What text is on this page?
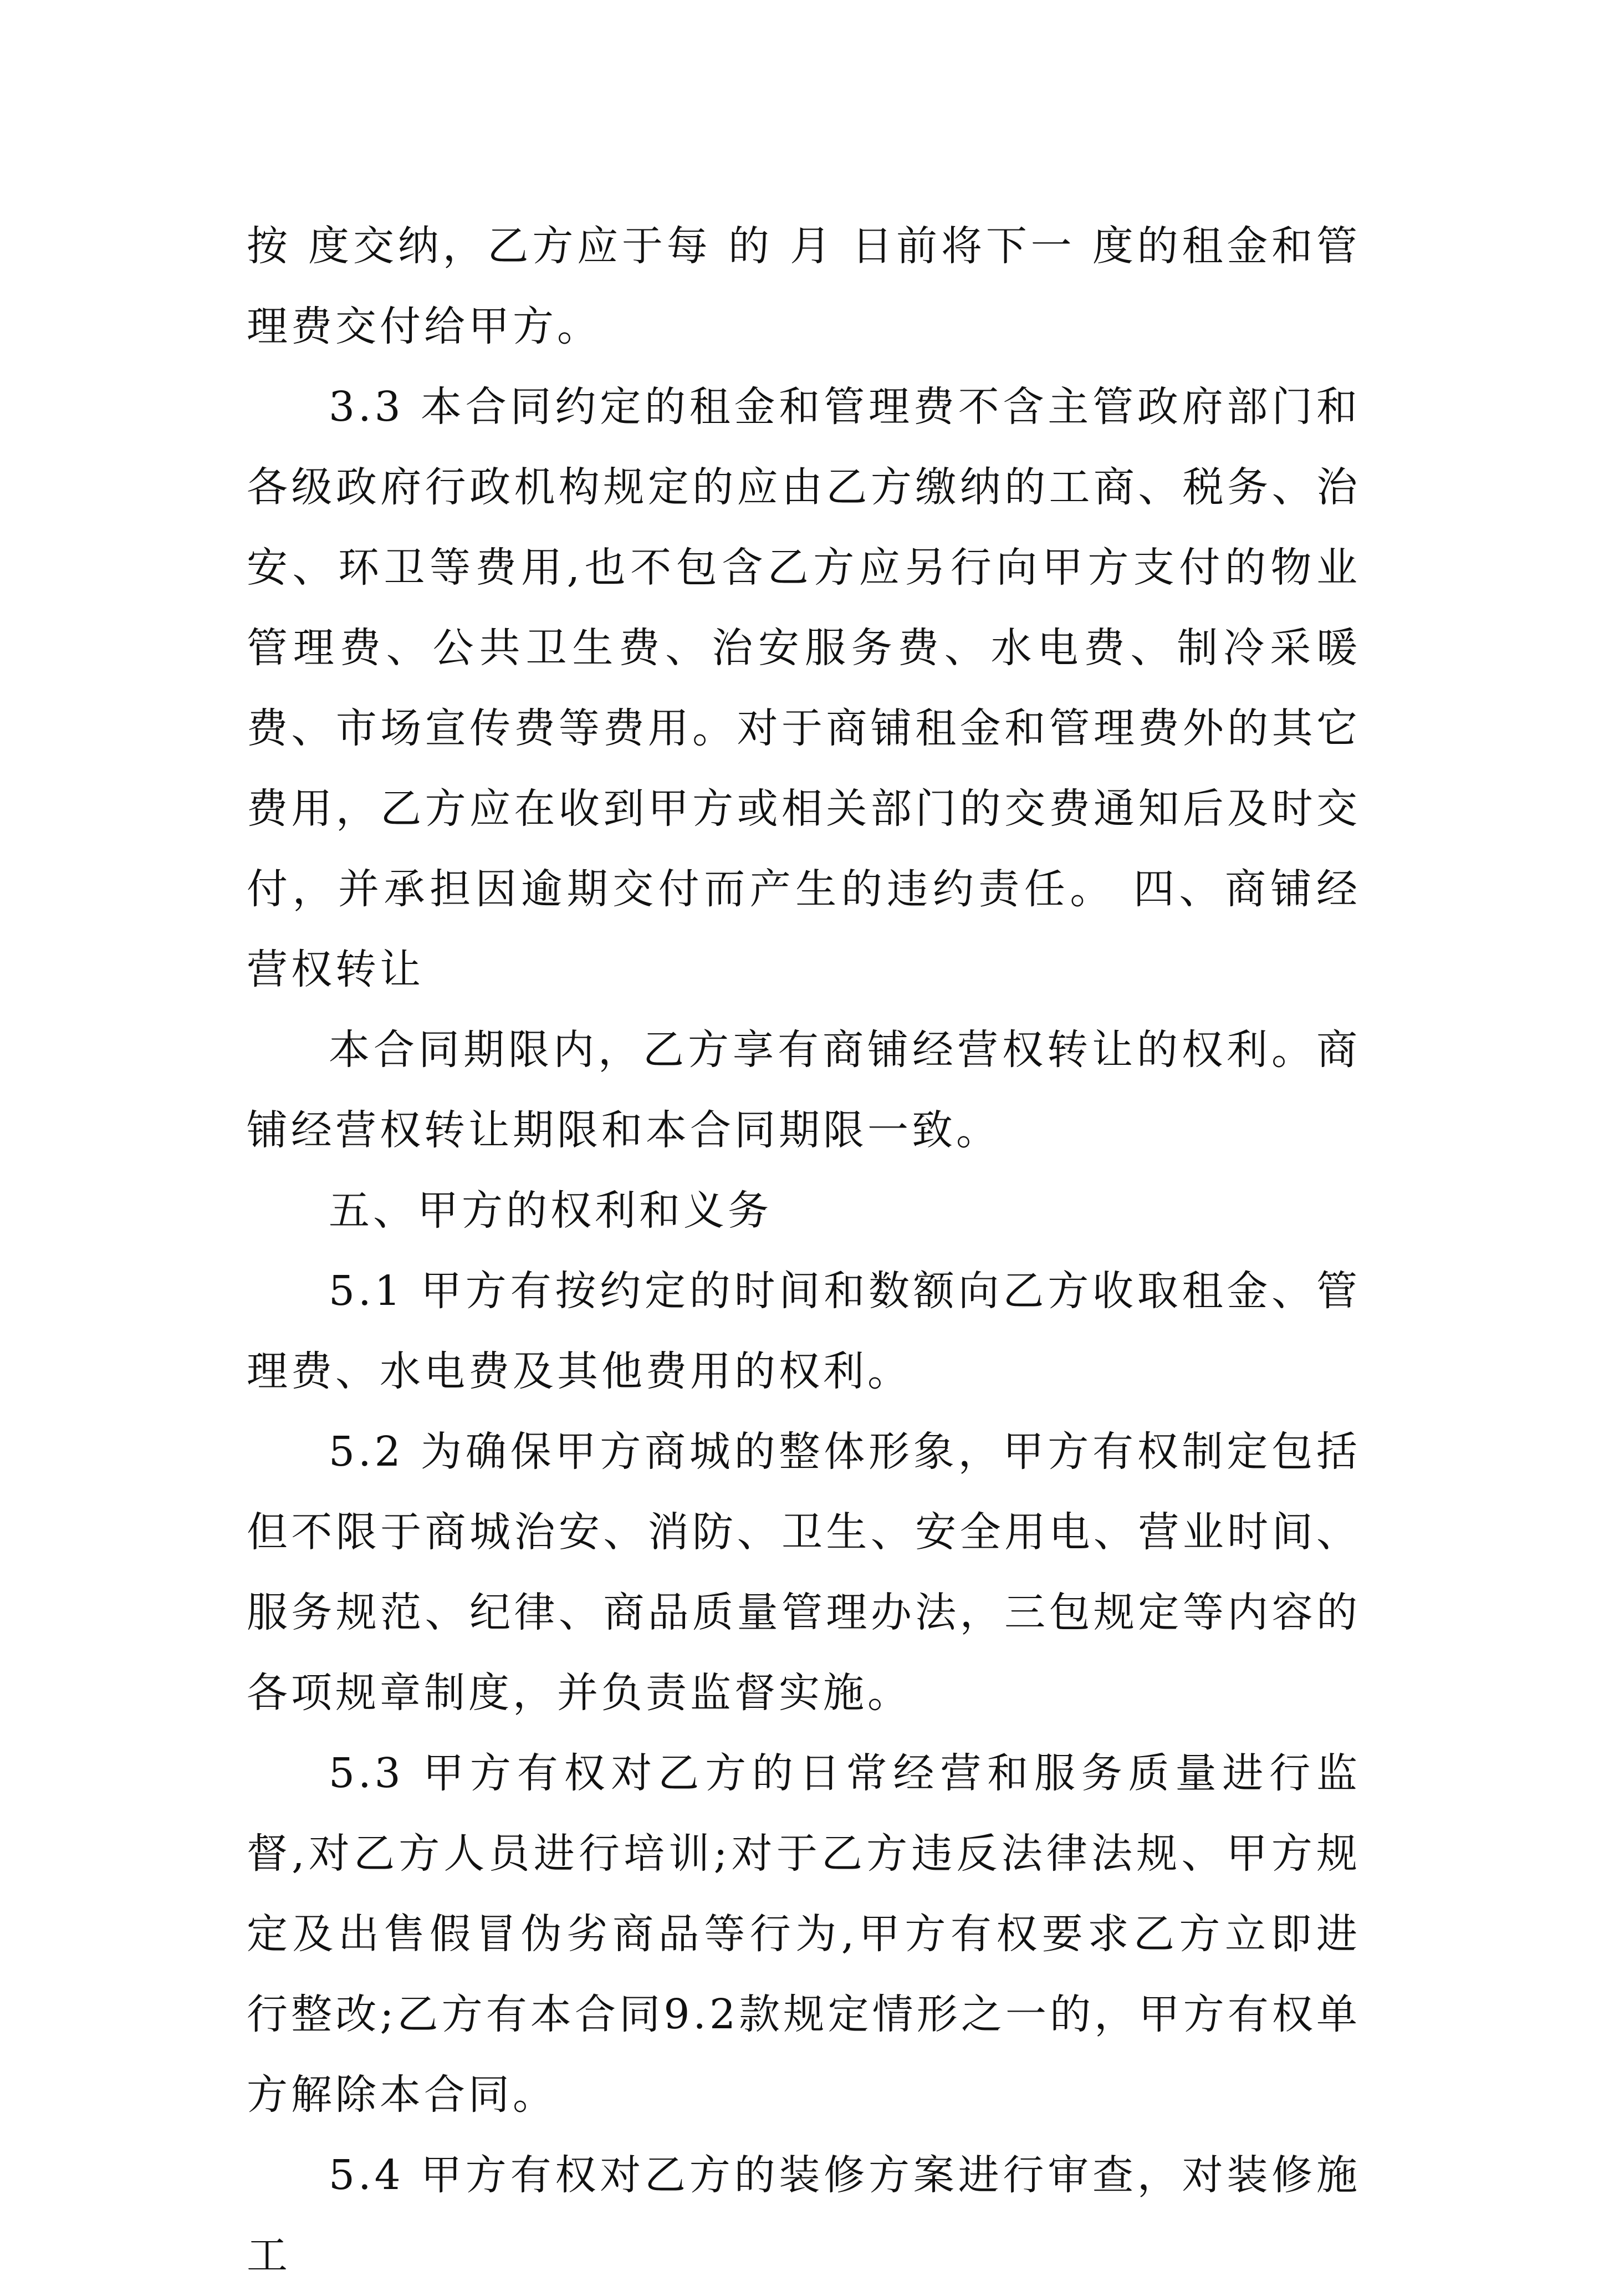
按 度交纳，乙方应于每 的 月 日前将下一 度的租金和管理费交付给甲方。

3.3 本合同约定的租金和管理费不含主管政府部门和各级政府行政机构规定的应由乙方缴纳的工商、税务、治安、环卫等费用,也不包含乙方应另行向甲方支付的物业管理费、公共卫生费、治安服务费、水电费、制冷采暖费、市场宣传费等费用。对于商铺租金和管理费外的其它费用，乙方应在收到甲方或相关部门的交费通知后及时交付，并承担因逾期交付而产生的违约责任。 四、商铺经营权转让

本合同期限内，乙方享有商铺经营权转让的权利。商铺经营权转让期限和本合同期限一致。

五、甲方的权利和义务

5.1 甲方有按约定的时间和数额向乙方收取租金、管理费、水电费及其他费用的权利。

5.2 为确保甲方商城的整体形象，甲方有权制定包括但不限于商城治安、消防、卫生、安全用电、营业时间、服务规范、纪律、商品质量管理办法，三包规定等内容的各项规章制度，并负责监督实施。

5.3 甲方有权对乙方的日常经营和服务质量进行监督,对乙方人员进行培训;对于乙方违反法律法规、甲方规定及出售假冒伪劣商品等行为,甲方有权要求乙方立即进行整改;乙方有本合同9.2款规定情形之一的，甲方有权单方解除本合同。

5.4 甲方有权对乙方的装修方案进行审查，对装修施工
